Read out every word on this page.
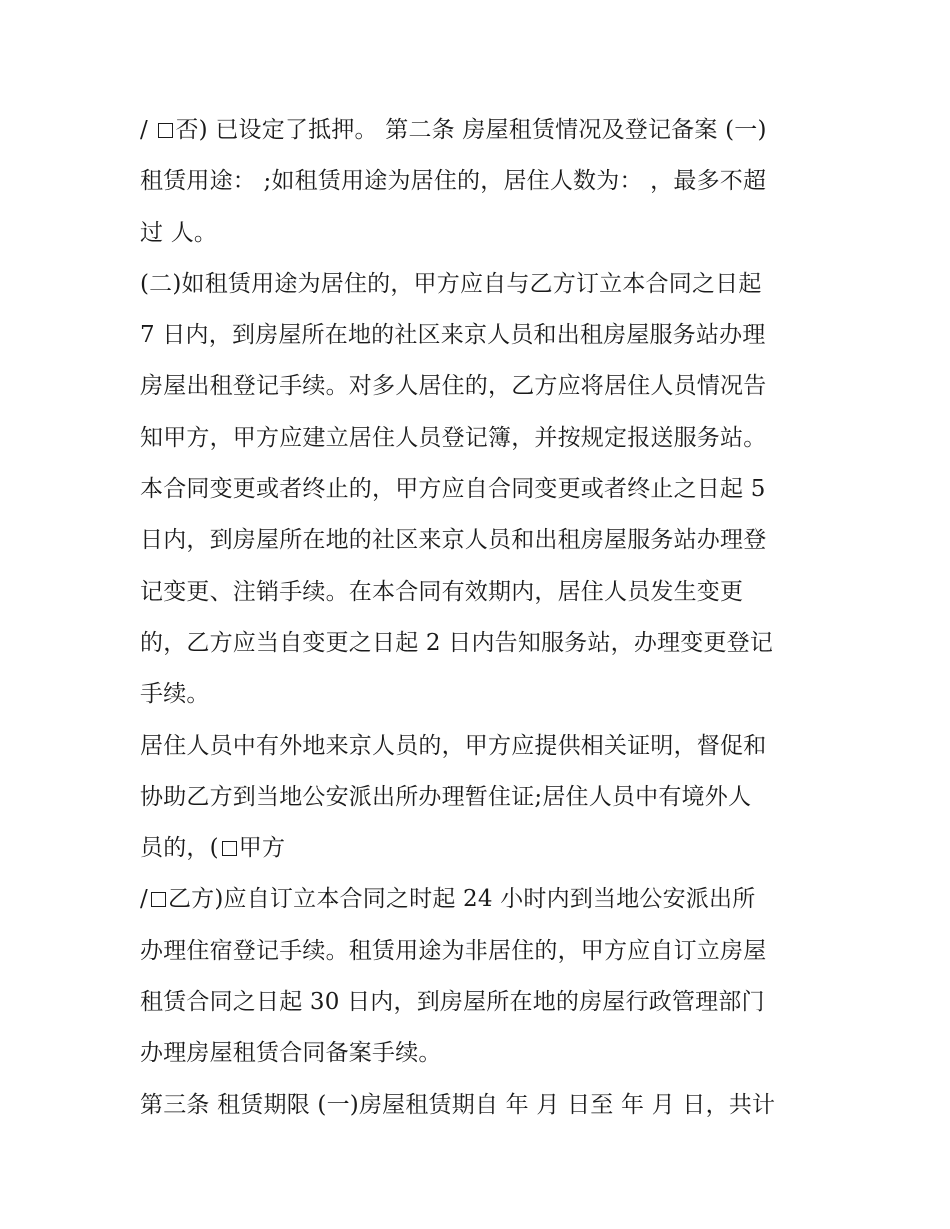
/ 否) 已设定了抵押。 第二条 房屋租赁情况及登记备案 (一)
租赁用途： ;如租赁用途为居住的，居住人数为： ，最多不超
过 人。
(二)如租赁用途为居住的，甲方应自与乙方订立本合同之日起
7 日内，到房屋所在地的社区来京人员和出租房屋服务站办理
房屋出租登记手续。对多人居住的，乙方应将居住人员情况告
知甲方，甲方应建立居住人员登记簿，并按规定报送服务站。
本合同变更或者终止的，甲方应自合同变更或者终止之日起 5
日内，到房屋所在地的社区来京人员和出租房屋服务站办理登
记变更、注销手续。在本合同有效期内，居住人员发生变更
的，乙方应当自变更之日起 2 日内告知服务站，办理变更登记
手续。
居住人员中有外地来京人员的，甲方应提供相关证明，督促和
协助乙方到当地公安派出所办理暂住证;居住人员中有境外人
员的，( 甲方
/ 乙方)应自订立本合同之时起 24 小时内到当地公安派出所
办理住宿登记手续。租赁用途为非居住的，甲方应自订立房屋
租赁合同之日起 30 日内，到房屋所在地的房屋行政管理部门
办理房屋租赁合同备案手续。
第三条 租赁期限 (一)房屋租赁期自 年 月 日至 年 月 日，共计
